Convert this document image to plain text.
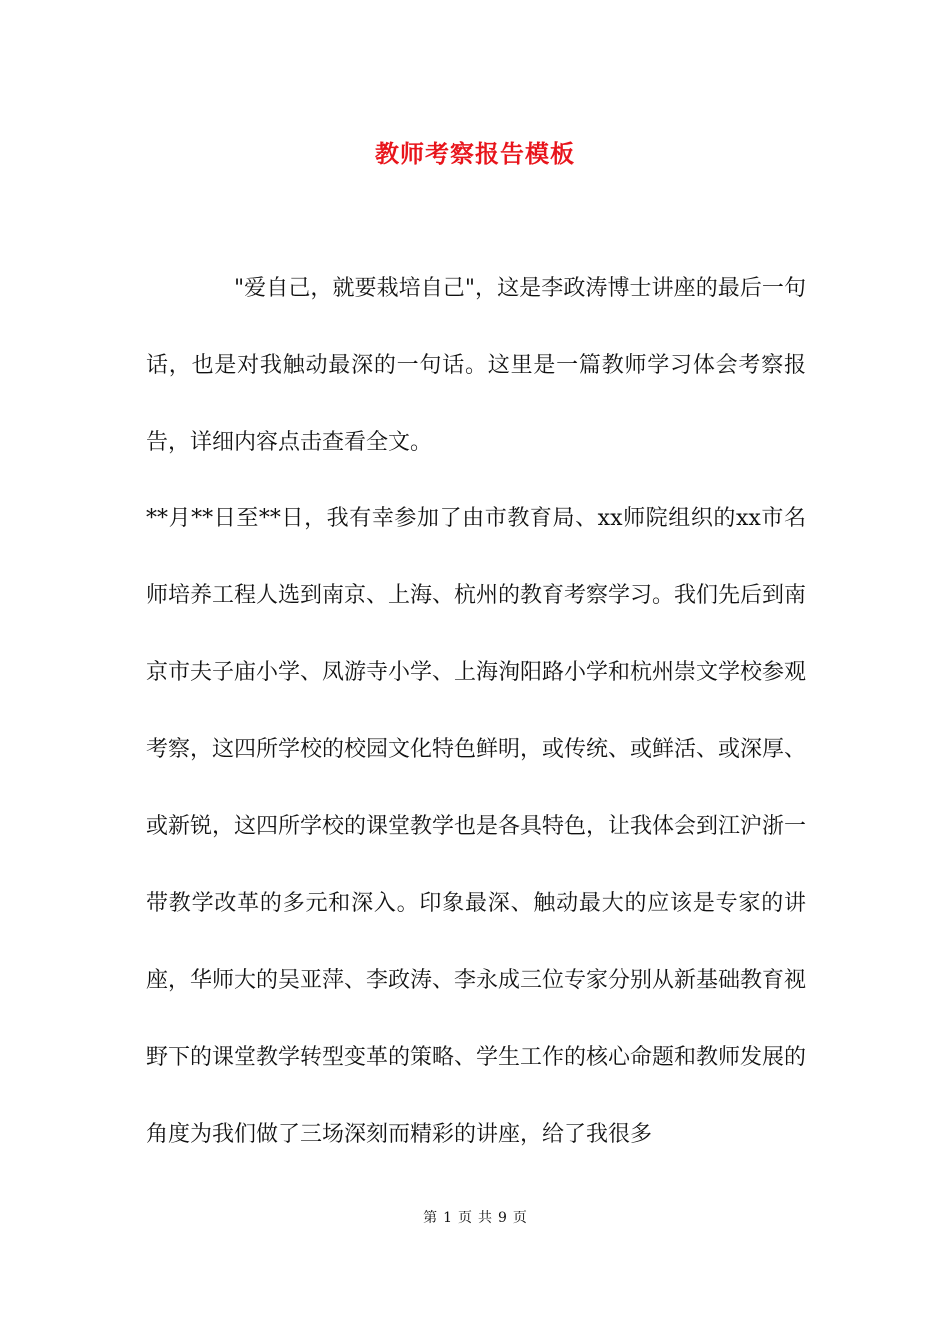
教师考察报告模板

"爱自己，就要栽培自己"，这是李政涛博士讲座的最后一句话，也是对我触动最深的一句话。这里是一篇教师学习体会考察报告，详细内容点击查看全文。

**月**日至**日，我有幸参加了由市教育局、xx师院组织的xx市名师培养工程人选到南京、上海、杭州的教育考察学习。我们先后到南京市夫子庙小学、凤游寺小学、上海洵阳路小学和杭州崇文学校参观考察，这四所学校的校园文化特色鲜明，或传统、或鲜活、或深厚、或新锐，这四所学校的课堂教学也是各具特色，让我体会到江沪浙一带教学改革的多元和深入。印象最深、触动最大的应该是专家的讲座，华师大的吴亚萍、李政涛、李永成三位专家分别从新基础教育视野下的课堂教学转型变革的策略、学生工作的核心命题和教师发展的角度为我们做了三场深刻而精彩的讲座，给了我很多

第 1 页 共 9 页
